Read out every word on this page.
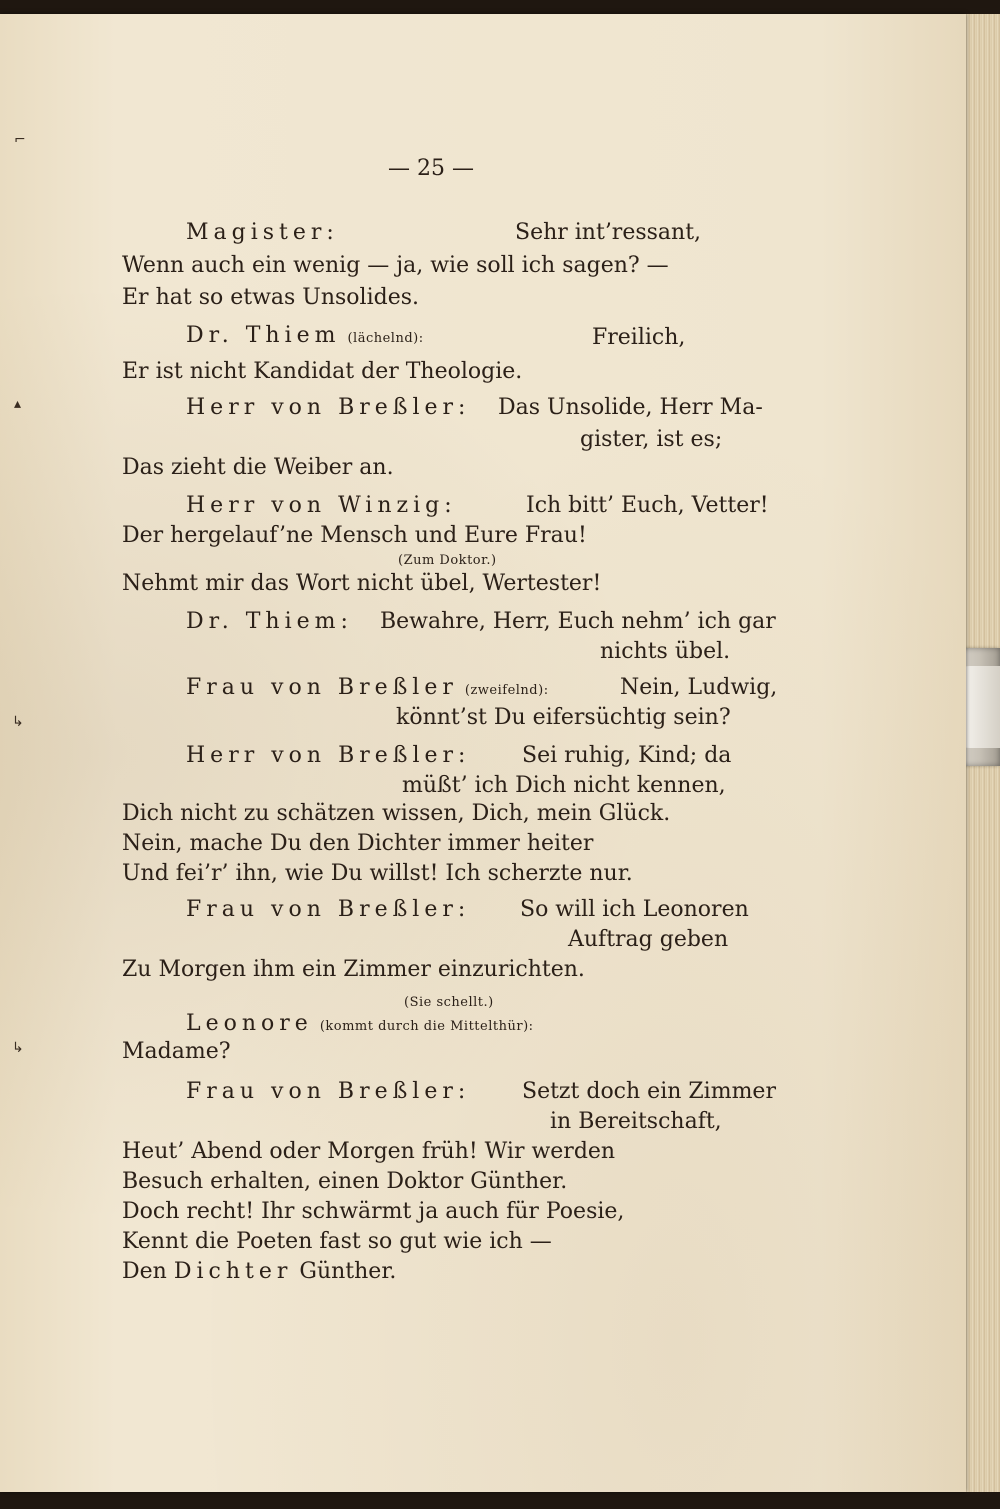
⌐
▴
↳
↳
— 25 —
Magister:	Sehr int’ressant,
Wenn auch ein wenig — ja, wie soll ich sagen? —
Er hat so etwas Unsolides.
Dr. Thiem (lächelnd):	Freilich,
Er ist nicht Kandidat der Theologie.
Herr von Breßler: Das Unsolide, Herr Ma-
gister, ist es;
Das zieht die Weiber an.
Herr von Winzig:	Ich bitt’ Euch, Vetter!
Der hergelauf’ne Mensch und Eure Frau!
(Zum Doktor.)
Nehmt mir das Wort nicht übel, Wertester!
Dr. Thiem: Bewahre, Herr, Euch nehm’ ich gar
nichts übel.
Frau von Breßler (zweifelnd):	Nein, Ludwig,
könnt’st Du eifersüchtig sein?
Herr von Breßler: Sei ruhig, Kind; da
müßt’ ich Dich nicht kennen,
Dich nicht zu schätzen wissen, Dich, mein Glück.
Nein, mache Du den Dichter immer heiter
Und fei’r’ ihn, wie Du willst! Ich scherzte nur.
Frau von Breßler: So will ich Leonoren
Auftrag geben
Zu Morgen ihm ein Zimmer einzurichten.
(Sie schellt.)
Leonore (kommt durch die Mittelthür):
Madame?
Frau von Breßler: Setzt doch ein Zimmer
in Bereitschaft,
Heut’ Abend oder Morgen früh! Wir werden
Besuch erhalten, einen Doktor Günther.
Doch recht! Ihr schwärmt ja auch für Poesie,
Kennt die Poeten fast so gut wie ich —
Den Dichter Günther.
